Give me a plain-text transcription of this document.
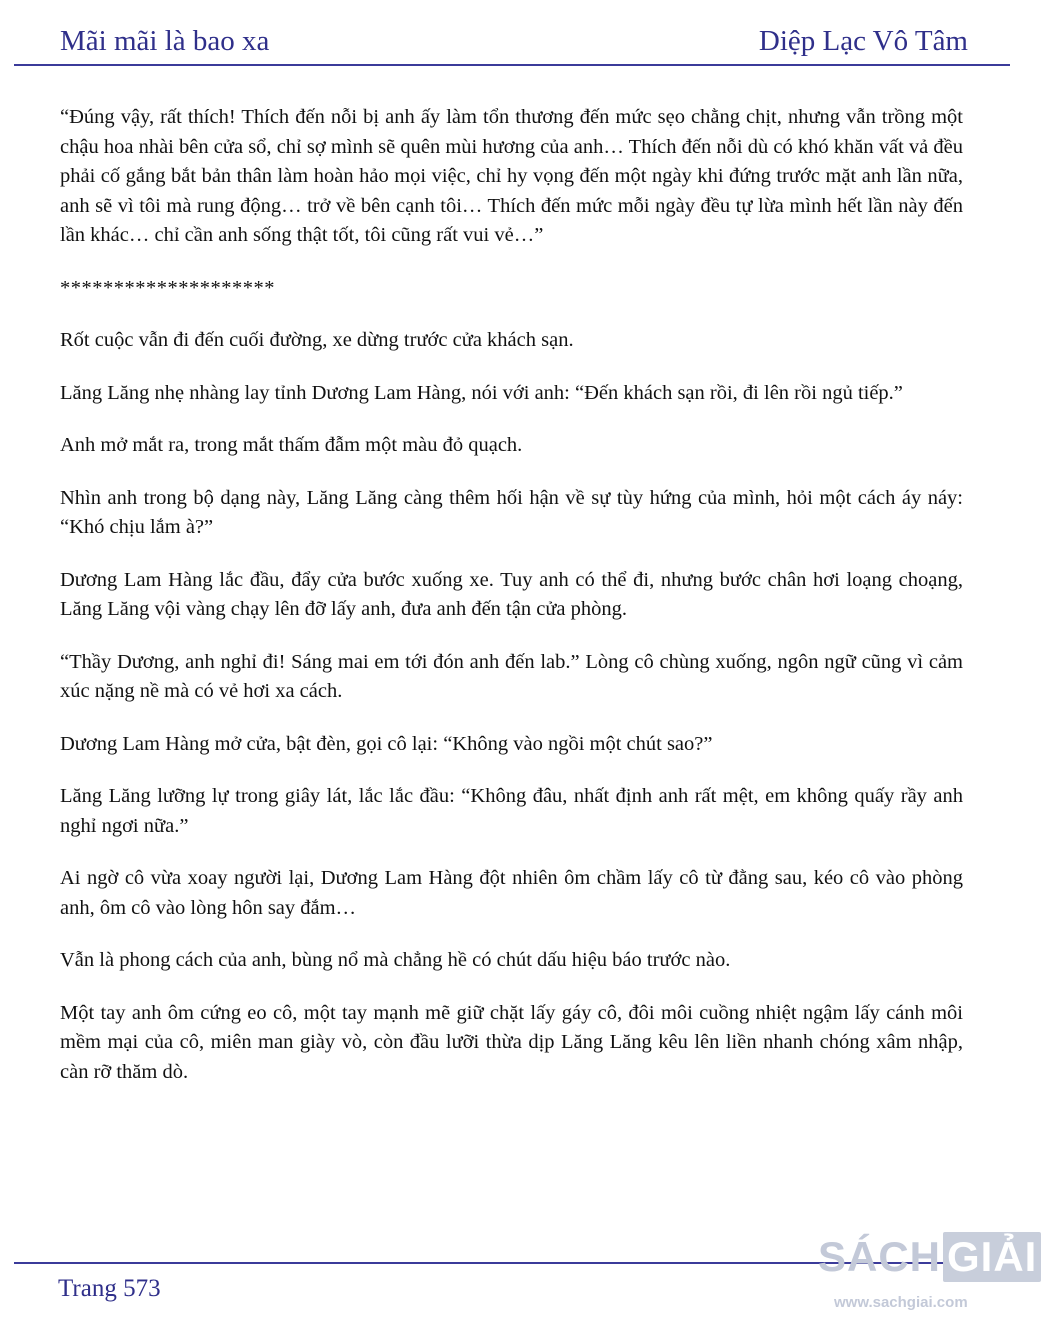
Mãi mãi là bao xa	Diệp Lạc Vô Tâm

“Đúng vậy, rất thích! Thích đến nỗi bị anh ấy làm tổn thương đến mức sẹo chằng chịt, nhưng vẫn trồng một chậu hoa nhài bên cửa sổ, chỉ sợ mình sẽ quên mùi hương của anh… Thích đến nỗi dù có khó khăn vất vả đều phải cố gắng bắt bản thân làm hoàn hảo mọi việc, chỉ hy vọng đến một ngày khi đứng trước mặt anh lần nữa, anh sẽ vì tôi mà rung động… trở về bên cạnh tôi… Thích đến mức mỗi ngày đều tự lừa mình hết lần này đến lần khác… chỉ cần anh sống thật tốt, tôi cũng rất vui vẻ…”

********************

Rốt cuộc vẫn đi đến cuối đường, xe dừng trước cửa khách sạn.

Lăng Lăng nhẹ nhàng lay tỉnh Dương Lam Hàng, nói với anh: “Đến khách sạn rồi, đi lên rồi ngủ tiếp.”

Anh mở mắt ra, trong mắt thấm đẫm một màu đỏ quạch.

Nhìn anh trong bộ dạng này, Lăng Lăng càng thêm hối hận về sự tùy hứng của mình, hỏi một cách áy náy: “Khó chịu lắm à?”

Dương Lam Hàng lắc đầu, đẩy cửa bước xuống xe. Tuy anh có thể đi, nhưng bước chân hơi loạng choạng, Lăng Lăng vội vàng chạy lên đỡ lấy anh, đưa anh đến tận cửa phòng.

“Thầy Dương, anh nghỉ đi! Sáng mai em tới đón anh đến lab.” Lòng cô chùng xuống, ngôn ngữ cũng vì cảm xúc nặng nề mà có vẻ hơi xa cách.

Dương Lam Hàng mở cửa, bật đèn, gọi cô lại: “Không vào ngồi một chút sao?”

Lăng Lăng lưỡng lự trong giây lát, lắc lắc đầu: “Không đâu, nhất định anh rất mệt, em không quấy rầy anh nghỉ ngơi nữa.”

Ai ngờ cô vừa xoay người lại, Dương Lam Hàng đột nhiên ôm chầm lấy cô từ đằng sau, kéo cô vào phòng anh, ôm cô vào lòng hôn say đắm…

Vẫn là phong cách của anh, bùng nổ mà chẳng hề có chút dấu hiệu báo trước nào.

Một tay anh ôm cứng eo cô, một tay mạnh mẽ giữ chặt lấy gáy cô, đôi môi cuồng nhiệt ngậm lấy cánh môi mềm mại của cô, miên man giày vò, còn đầu lưỡi thừa dịp Lăng Lăng kêu lên liền nhanh chóng xâm nhập, càn rỡ thăm dò.

Trang 573
SÁCH GIẢI
www.sachgiai.com
